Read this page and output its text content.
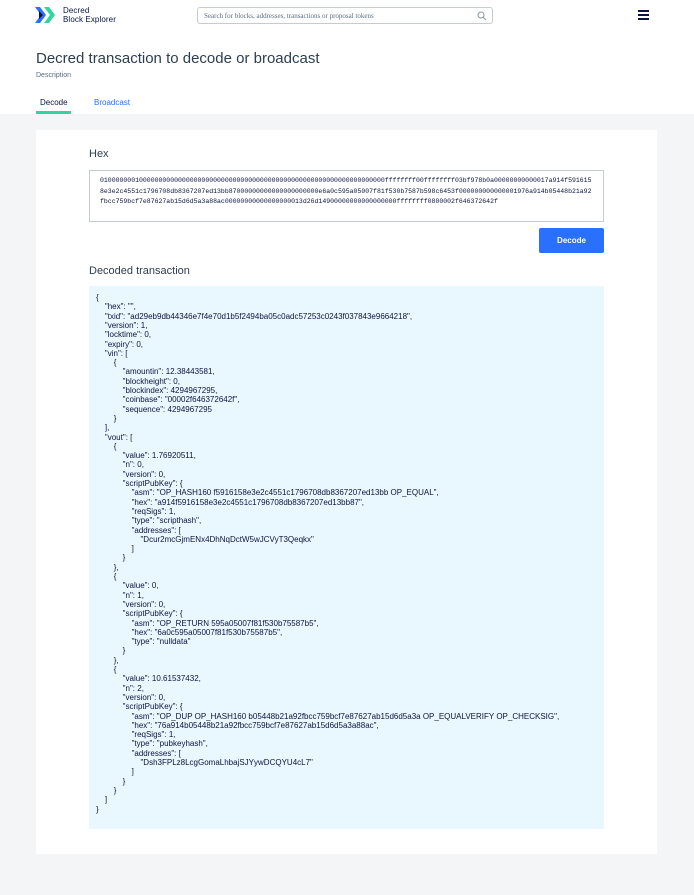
Decred
Block Explorer
Search for blocks, addresses, transactions or proposal tokens
Decred transaction to decode or broadcast
Description
Decode	Broadcast
Hex
0100000001000000000000000000000000000000000000000000000000000000000000000ffffffff00ffffffff03bf978b0a00000000000017a914f5916158e3e2c4551c1796708db8367207ed13bb87000000000000000000000e6a0c595a05007f81f530b7587b598c6453f000000000000001976a914b05448b21a92fbcc759bcf7e87627ab15d6d5a3a88ac00000000000000000013d26d14900000000000000000ffffffff0800002f646372642f
Decode
Decoded transaction
{
"hex": "",
"txid": "ad29eb9db44346e7f4e70d1b5f2494ba05c0adc57253c0243f037843e9664218",
"version": 1,
"locktime": 0,
"expiry": 0,
"vin": [
{
"amountin": 12.38443581,
"blockheight": 0,
"blockindex": 4294967295,
"coinbase": "00002f646372642f",
"sequence": 4294967295
}
],
"vout": [
{
"value": 1.76920511,
"n": 0,
"version": 0,
"scriptPubKey": {
"asm": "OP_HASH160 f5916158e3e2c4551c1796708db8367207ed13bb OP_EQUAL",
"hex": "a914f5916158e3e2c4551c1796708db8367207ed13bb87",
"reqSigs": 1,
"type": "scripthash",
"addresses": [
"Dcur2mcGjmENx4DhNqDctW5wJCVyT3Qeqkx"
]
}
},
{
"value": 0,
"n": 1,
"version": 0,
"scriptPubKey": {
"asm": "OP_RETURN 595a05007f81f530b75587b5",
"hex": "6a0c595a05007f81f530b75587b5",
"type": "nulldata"
}
},
{
"value": 10.61537432,
"n": 2,
"version": 0,
"scriptPubKey": {
"asm": "OP_DUP OP_HASH160 b05448b21a92fbcc759bcf7e87627ab15d6d5a3a OP_EQUALVERIFY OP_CHECKSIG",
"hex": "76a914b05448b21a92fbcc759bcf7e87627ab15d6d5a3a88ac",
"reqSigs": 1,
"type": "pubkeyhash",
"addresses": [
"Dsh3FPLz8LcgGomaLhbajSJYywDCQYU4cL7"
]
}
}
]
}
